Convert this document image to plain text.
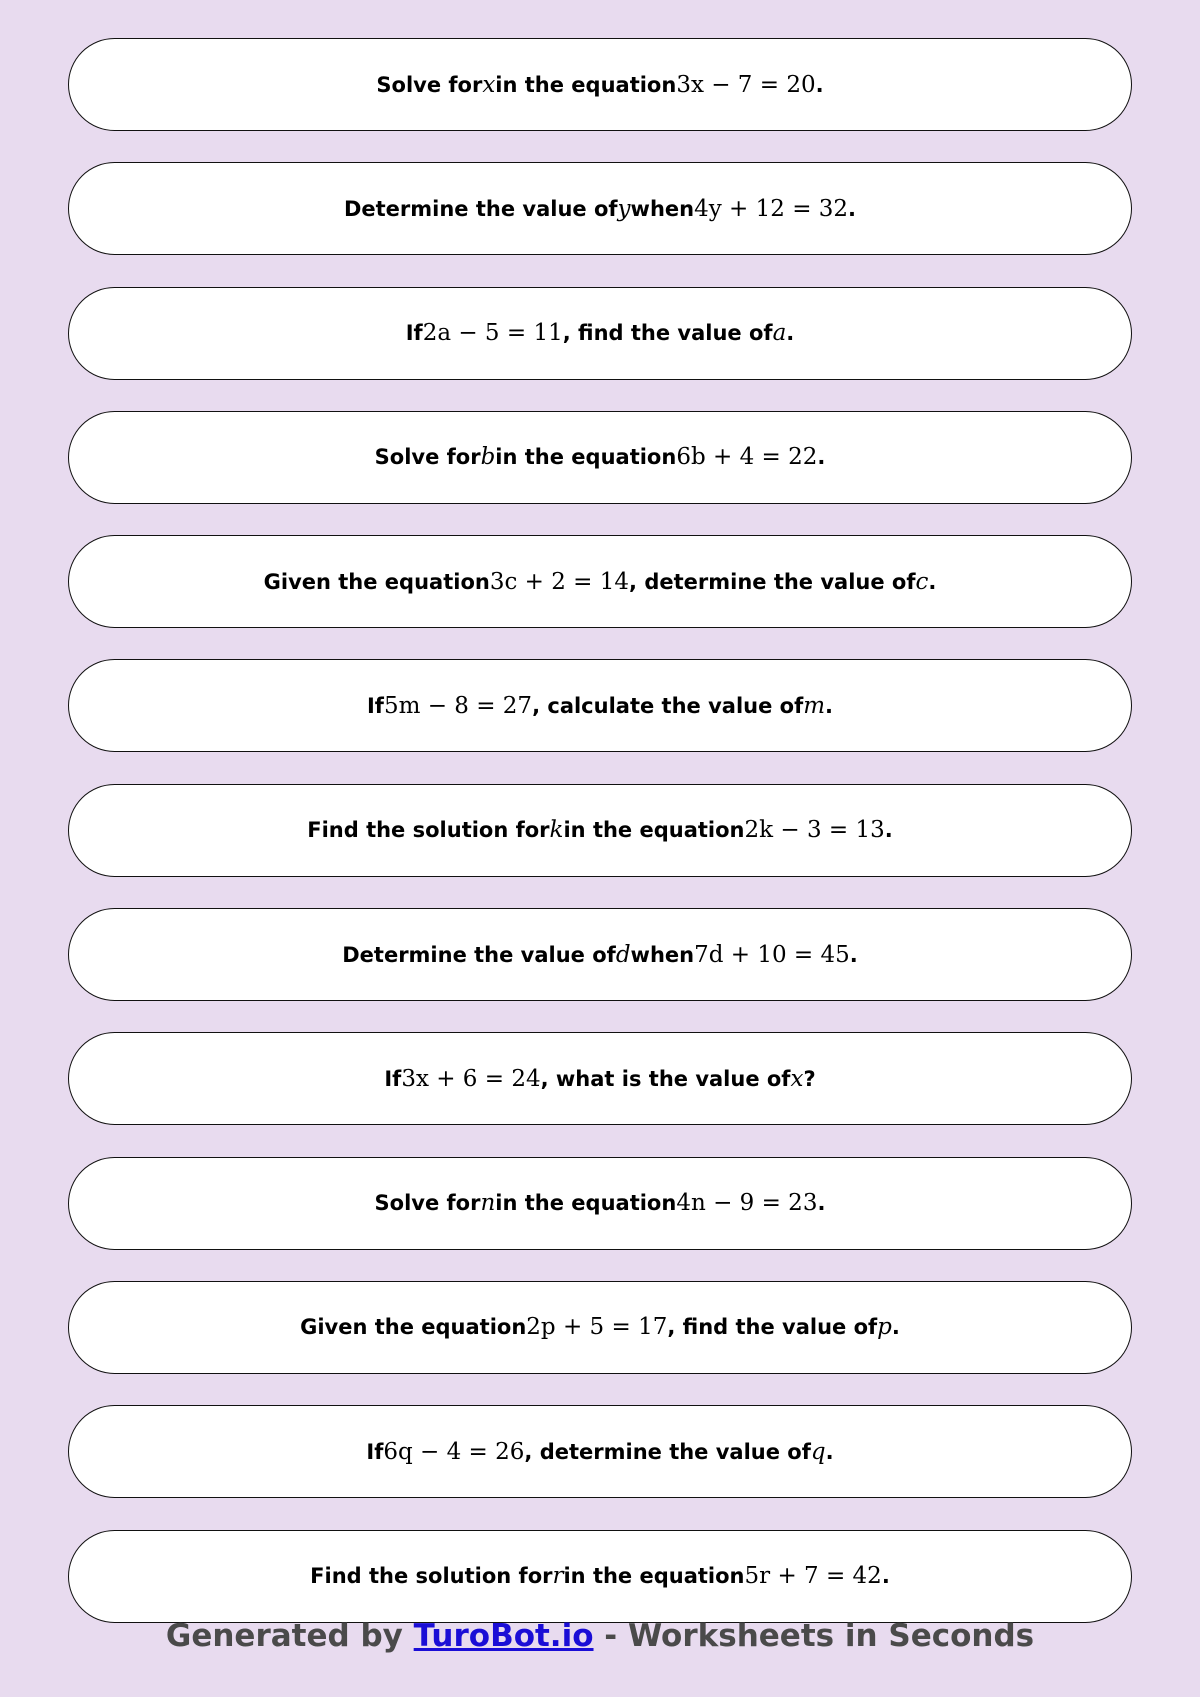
Solve for x in the equation 3x − 7 = 20 .
Determine the value of y when 4y + 12 = 32 .
If 2a − 5 = 11 , find the value of a .
Solve for b in the equation 6b + 4 = 22 .
Given the equation 3c + 2 = 14 , determine the value of c .
If 5m − 8 = 27 , calculate the value of m .
Find the solution for k in the equation 2k − 3 = 13 .
Determine the value of d when 7d + 10 = 45 .
If 3x + 6 = 24 , what is the value of x ?
Solve for n in the equation 4n − 9 = 23 .
Given the equation 2p + 5 = 17 , find the value of p .
If 6q − 4 = 26 , determine the value of q .
Find the solution for r in the equation 5r + 7 = 42 .
Generated by TuroBot.io - Worksheets in Seconds
